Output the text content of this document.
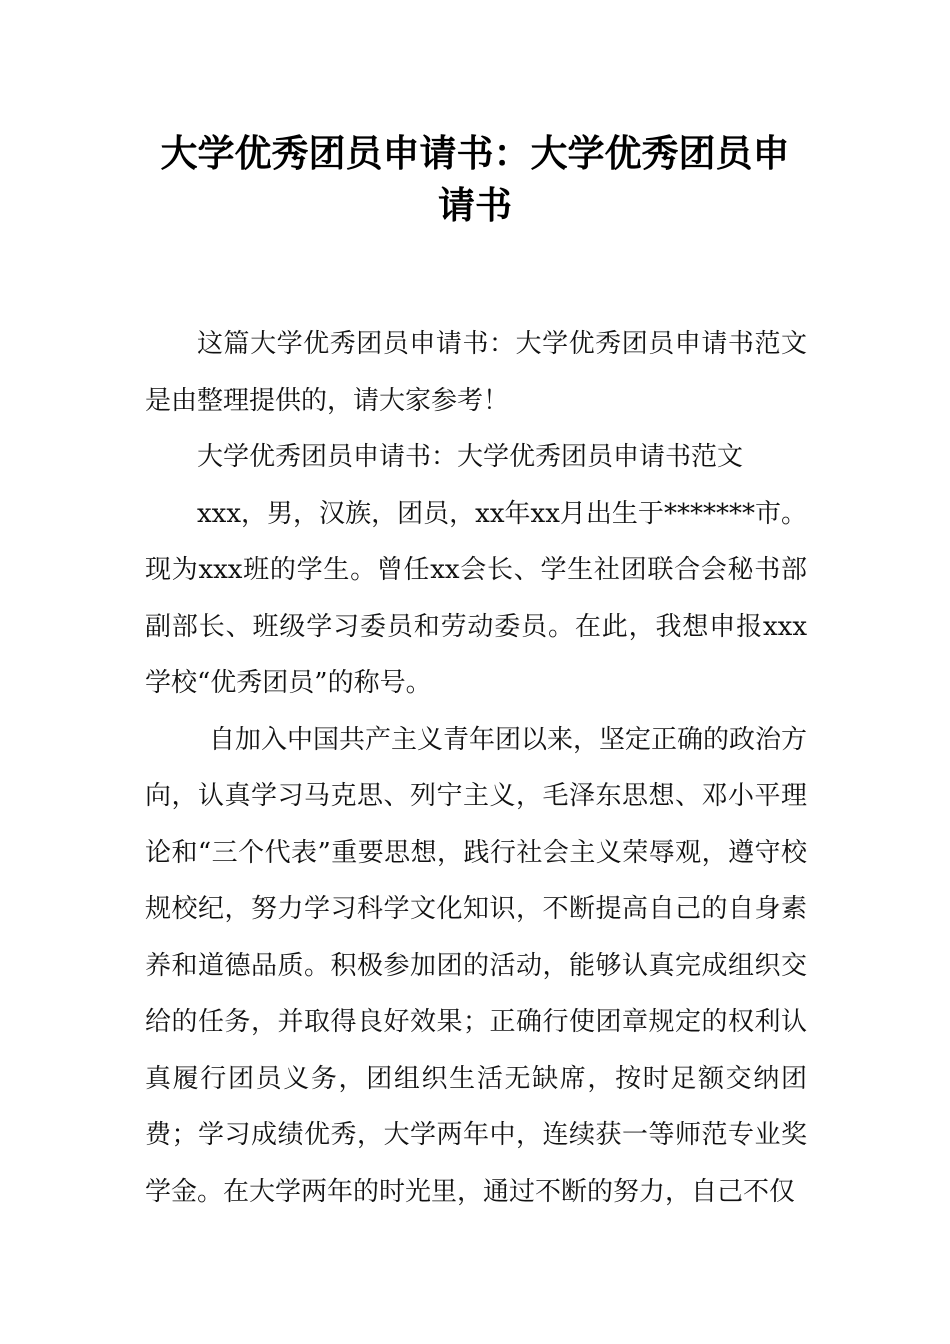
大学优秀团员申请书：大学优秀团员申请书

这篇大学优秀团员申请书：大学优秀团员申请书范文是由整理提供的，请大家参考！

大学优秀团员申请书：大学优秀团员申请书范文

xxx，男，汉族，团员，xx年xx月出生于*******市。现为xxx班的学生。曾任xx会长、学生社团联合会秘书部副部长、班级学习委员和劳动委员。在此，我想申报xxx学校“优秀团员”的称号。

自加入中国共产主义青年团以来，坚定正确的政治方向，认真学习马克思、列宁主义，毛泽东思想、邓小平理论和“三个代表”重要思想，践行社会主义荣辱观，遵守校规校纪，努力学习科学文化知识，不断提高自己的自身素养和道德品质。积极参加团的活动，能够认真完成组织交给的任务，并取得良好效果；正确行使团章规定的权利认真履行团员义务，团组织生活无缺席，按时足额交纳团费；学习成绩优秀，大学两年中，连续获一等师范专业奖学金。在大学两年的时光里，通过不断的努力，自己不仅
